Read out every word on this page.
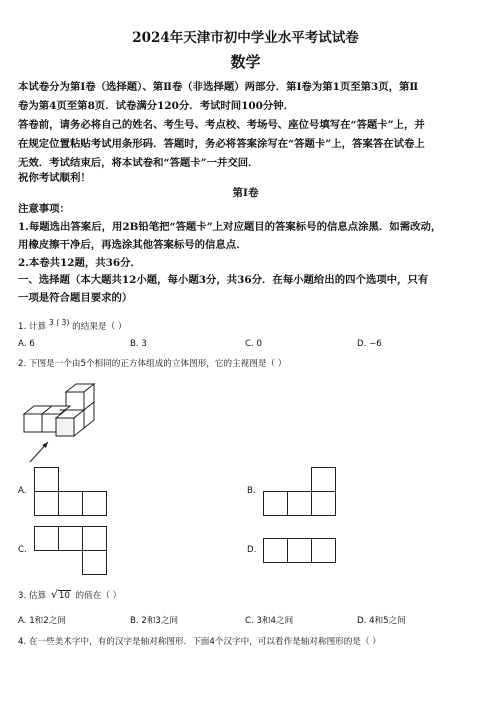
2024年天津市初中学业水平考试试卷
数学
本试卷分为第Ⅰ卷（选择题）、第Ⅱ卷（非选择题）两部分．第Ⅰ卷为第1页至第3页，第Ⅱ
卷为第4页至第8页．试卷满分120分．考试时间100分钟．
答卷前，请务必将自己的姓名、考生号、考点校、考场号、座位号填写在“答题卡”上，并
在规定位置粘贴考试用条形码．答题时，务必将答案涂写在“答题卡”上，答案答在试卷上
无效．考试结束后，将本试卷和“答题卡”一并交回．
祝你考试顺利！
第Ⅰ卷
注意事项：
1.每题选出答案后，用2B铅笔把“答题卡”上对应题目的答案标号的信息点涂黑．如需改动，
用橡皮擦干净后，再选涂其他答案标号的信息点．
2.本卷共12题，共36分．
一、选择题（本大题共12小题，每小题3分，共36分．在每小题给出的四个选项中，只有
一项是符合题目要求的）
1. 计算 $^3$ ( 3) 的结果是（ ）
A. 6	B. 3	C. 0	D. −6
2. 下图是一个由5个相同的正方体组成的立体图形，它的主视图是（ ）
A.	B.
C.	D.
3. 估算 √10 的值在（ ）
A. 1和2之间	B. 2和3之间	C. 3和4之间	D. 4和5之间
4. 在一些美术字中，有的汉字是轴对称图形．下面4个汉字中，可以看作是轴对称图形的是（ ）
